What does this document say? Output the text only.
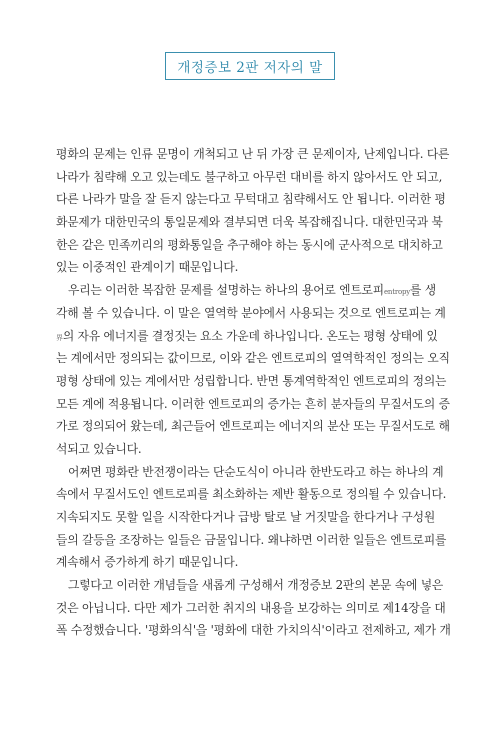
개정증보 2판 저자의 말
평화의 문제는 인류 문명이 개척되고 난 뒤 가장 큰 문제이자, 난제입니다. 다른
나라가 침략해 오고 있는데도 불구하고 아무런 대비를 하지 않아서도 안 되고,
다른 나라가 말을 잘 듣지 않는다고 무턱대고 침략해서도 안 됩니다. 이러한 평
화문제가 대한민국의 통일문제와 결부되면 더욱 복잡해집니다. 대한민국과 북
한은 같은 민족끼리의 평화통일을 추구해야 하는 동시에 군사적으로 대치하고
있는 이중적인 관계이기 때문입니다.
우리는 이러한 복잡한 문제를 설명하는 하나의 용어로 엔트로피entropy를 생
각해 볼 수 있습니다. 이 말은 열역학 분야에서 사용되는 것으로 엔트로피는 계
界의 자유 에너지를 결정짓는 요소 가운데 하나입니다. 온도는 평형 상태에 있
는 계에서만 정의되는 값이므로, 이와 같은 엔트로피의 열역학적인 정의는 오직
평형 상태에 있는 계에서만 성립합니다. 반면 통계역학적인 엔트로피의 정의는
모든 계에 적용됩니다. 이러한 엔트로피의 증가는 흔히 분자들의 무질서도의 증
가로 정의되어 왔는데, 최근들어 엔트로피는 에너지의 분산 또는 무질서도로 해
석되고 있습니다.
어쩌면 평화란 반전쟁이라는 단순도식이 아니라 한반도라고 하는 하나의 계
속에서 무질서도인 엔트로피를 최소화하는 제반 활동으로 정의될 수 있습니다.
지속되지도 못할 일을 시작한다거나 급방 탈로 날 거짓말을 한다거나 구성원
들의 갈등을 조장하는 일들은 금물입니다. 왜냐하면 이러한 일들은 엔트로피를
계속해서 증가하게 하기 때문입니다.
그렇다고 이러한 개념들을 새롭게 구성해서 개정증보 2판의 본문 속에 넣은
것은 아닙니다. 다만 제가 그러한 취지의 내용을 보강하는 의미로 제14장을 대
폭 수정했습니다. '평화의식'을 '평화에 대한 가치의식'이라고 전제하고, 제가 개
